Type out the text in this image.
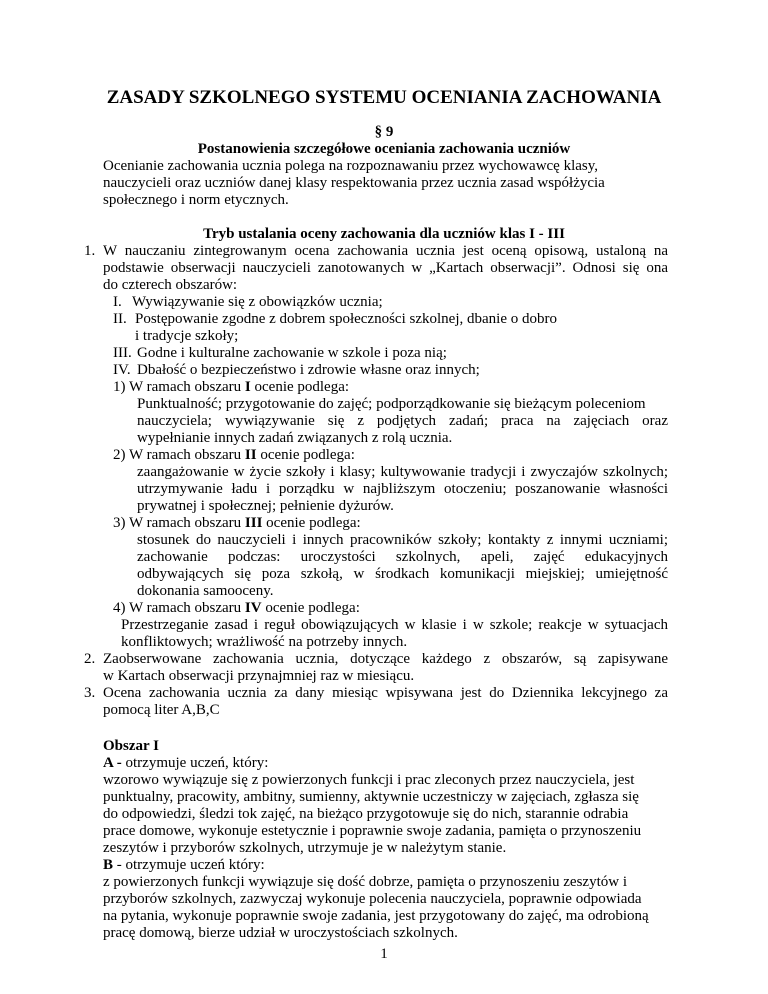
ZASADY SZKOLNEGO SYSTEMU OCENIANIA ZACHOWANIA
§ 9
Postanowienia szczegółowe oceniania zachowania uczniów
Ocenianie zachowania ucznia polega na rozpoznawaniu przez wychowawcę klasy,
nauczycieli oraz uczniów danej klasy respektowania przez ucznia zasad współżycia
społecznego i norm etycznych.
Tryb ustalania oceny zachowania dla uczniów klas I - III
1. W nauczaniu zintegrowanym ocena zachowania ucznia jest oceną opisową, ustaloną na
podstawie obserwacji nauczycieli zanotowanych w „Kartach obserwacji”. Odnosi się ona
do czterech obszarów:
I. Wywiązywanie się z obowiązków ucznia;
II. Postępowanie zgodne z dobrem społeczności szkolnej, dbanie o dobro
i tradycje szkoły;
III. Godne i kulturalne zachowanie w szkole i poza nią;
IV. Dbałość o bezpieczeństwo i zdrowie własne oraz innych;
1) W ramach obszaru I ocenie podlega:
Punktualność; przygotowanie do zajęć; podporządkowanie się bieżącym poleceniom
nauczyciela; wywiązywanie się z podjętych zadań; praca na zajęciach oraz
wypełnianie innych zadań związanych z rolą ucznia.
2) W ramach obszaru II ocenie podlega:
zaangażowanie w życie szkoły i klasy; kultywowanie tradycji i zwyczajów szkolnych;
utrzymywanie ładu i porządku w najbliższym otoczeniu; poszanowanie własności
prywatnej i społecznej; pełnienie dyżurów.
3) W ramach obszaru III ocenie podlega:
stosunek do nauczycieli i innych pracowników szkoły; kontakty z innymi uczniami;
zachowanie podczas: uroczystości szkolnych, apeli, zajęć edukacyjnych
odbywających się poza szkołą, w środkach komunikacji miejskiej; umiejętność
dokonania samooceny.
4) W ramach obszaru IV ocenie podlega:
Przestrzeganie zasad i reguł obowiązujących w klasie i w szkole; reakcje w sytuacjach
konfliktowych; wrażliwość na potrzeby innych.
2. Zaobserwowane zachowania ucznia, dotyczące każdego z obszarów, są zapisywane
w Kartach obserwacji przynajmniej raz w miesiącu.
3. Ocena zachowania ucznia za dany miesiąc wpisywana jest do Dziennika lekcyjnego za
pomocą liter A,B,C
Obszar I
A - otrzymuje uczeń, który:
wzorowo wywiązuje się z powierzonych funkcji i prac zleconych przez nauczyciela, jest
punktualny, pracowity, ambitny, sumienny, aktywnie uczestniczy w zajęciach, zgłasza się
do odpowiedzi, śledzi tok zajęć, na bieżąco przygotowuje się do nich, starannie odrabia
prace domowe, wykonuje estetycznie i poprawnie swoje zadania, pamięta o przynoszeniu
zeszytów i przyborów szkolnych, utrzymuje je w należytym stanie.
B - otrzymuje uczeń który:
z powierzonych funkcji wywiązuje się dość dobrze, pamięta o przynoszeniu zeszytów i
przyborów szkolnych, zazwyczaj wykonuje polecenia nauczyciela, poprawnie odpowiada
na pytania, wykonuje poprawnie swoje zadania, jest przygotowany do zajęć, ma odrobioną
pracę domową, bierze udział w uroczystościach szkolnych.
1
